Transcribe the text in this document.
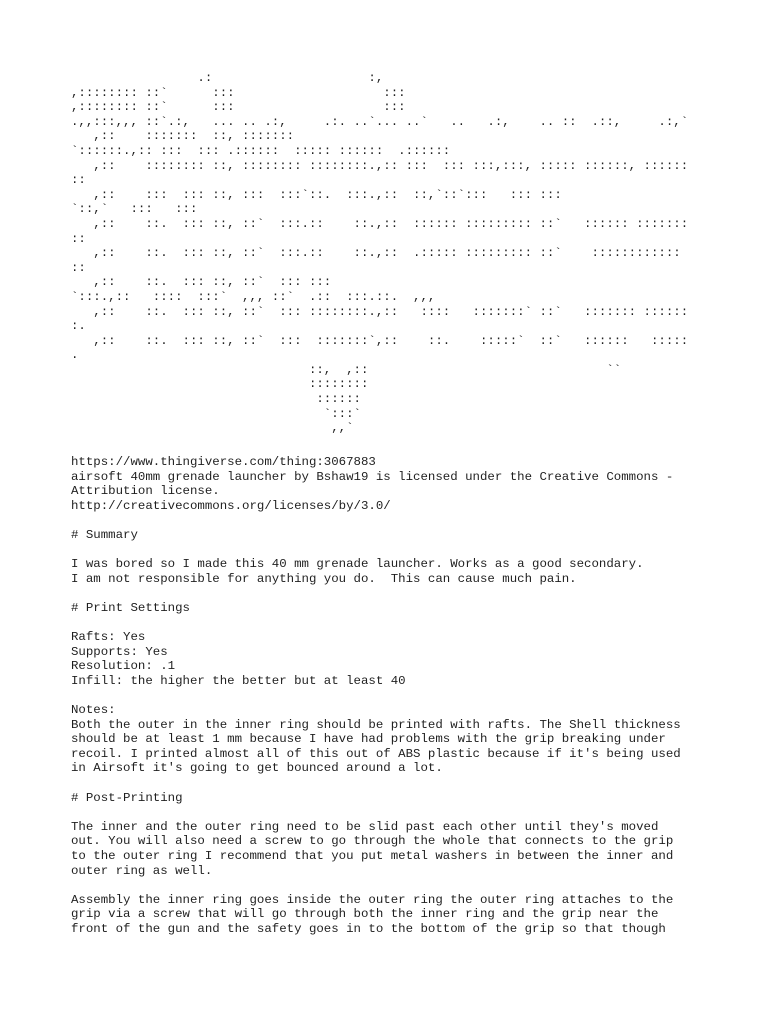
.:                     :,
,:::::::: ::`      :::                    :::
,:::::::: ::`      :::                    :::
.,,:::,,, ::`.:,   ... .. .:,     .:. ..`... ..`   ..   .:,    .. ::  .::,     .:,`
,::    :::::::  ::, :::::::
`::::::.,:: :::  ::: .::::::  ::::: ::::::  .::::::
,::    :::::::: ::, :::::::: ::::::::.,:: :::  ::: :::,:::, ::::: ::::::, ::::::
::
,::    :::  ::: ::, :::  :::`::.  :::.,::  ::,`::`:::   ::: :::
`::,`   :::   :::
,::    ::.  ::: ::, ::`  :::.::    ::.,::  :::::: ::::::::: ::`   :::::: :::::::
::
,::    ::.  ::: ::, ::`  :::.::    ::.,::  .::::: ::::::::: ::`    ::::::::::::
::
,::    ::.  ::: ::, ::`  ::: :::
`:::.,::   ::::  :::`  ,,, ::`  .::  :::.::.  ,,,
,::    ::.  ::: ::, ::`  ::: ::::::::.,::   ::::   :::::::` ::`   ::::::: ::::::
:.
,::    ::.  ::: ::, ::`  :::  :::::::`,::    ::.    :::::`  ::`   ::::::   :::::
.
::,  ,::                                ``
::::::::
::::::
`:::`
,,`
https://www.thingiverse.com/thing:3067883
airsoft 40mm grenade launcher by Bshaw19 is licensed under the Creative Commons -
Attribution license.
http://creativecommons.org/licenses/by/3.0/
# Summary
I was bored so I made this 40 mm grenade launcher. Works as a good secondary.
I am not responsible for anything you do.  This can cause much pain.
# Print Settings
Rafts: Yes
Supports: Yes
Resolution: .1
Infill: the higher the better but at least 40
Notes:
Both the outer in the inner ring should be printed with rafts. The Shell thickness
should be at least 1 mm because I have had problems with the grip breaking under
recoil. I printed almost all of this out of ABS plastic because if it's being used
in Airsoft it's going to get bounced around a lot.
# Post-Printing
The inner and the outer ring need to be slid past each other until they's moved
out. You will also need a screw to go through the whole that connects to the grip
to the outer ring I recommend that you put metal washers in between the inner and
outer ring as well.
Assembly the inner ring goes inside the outer ring the outer ring attaches to the
grip via a screw that will go through both the inner ring and the grip near the
front of the gun and the safety goes in to the bottom of the grip so that though
